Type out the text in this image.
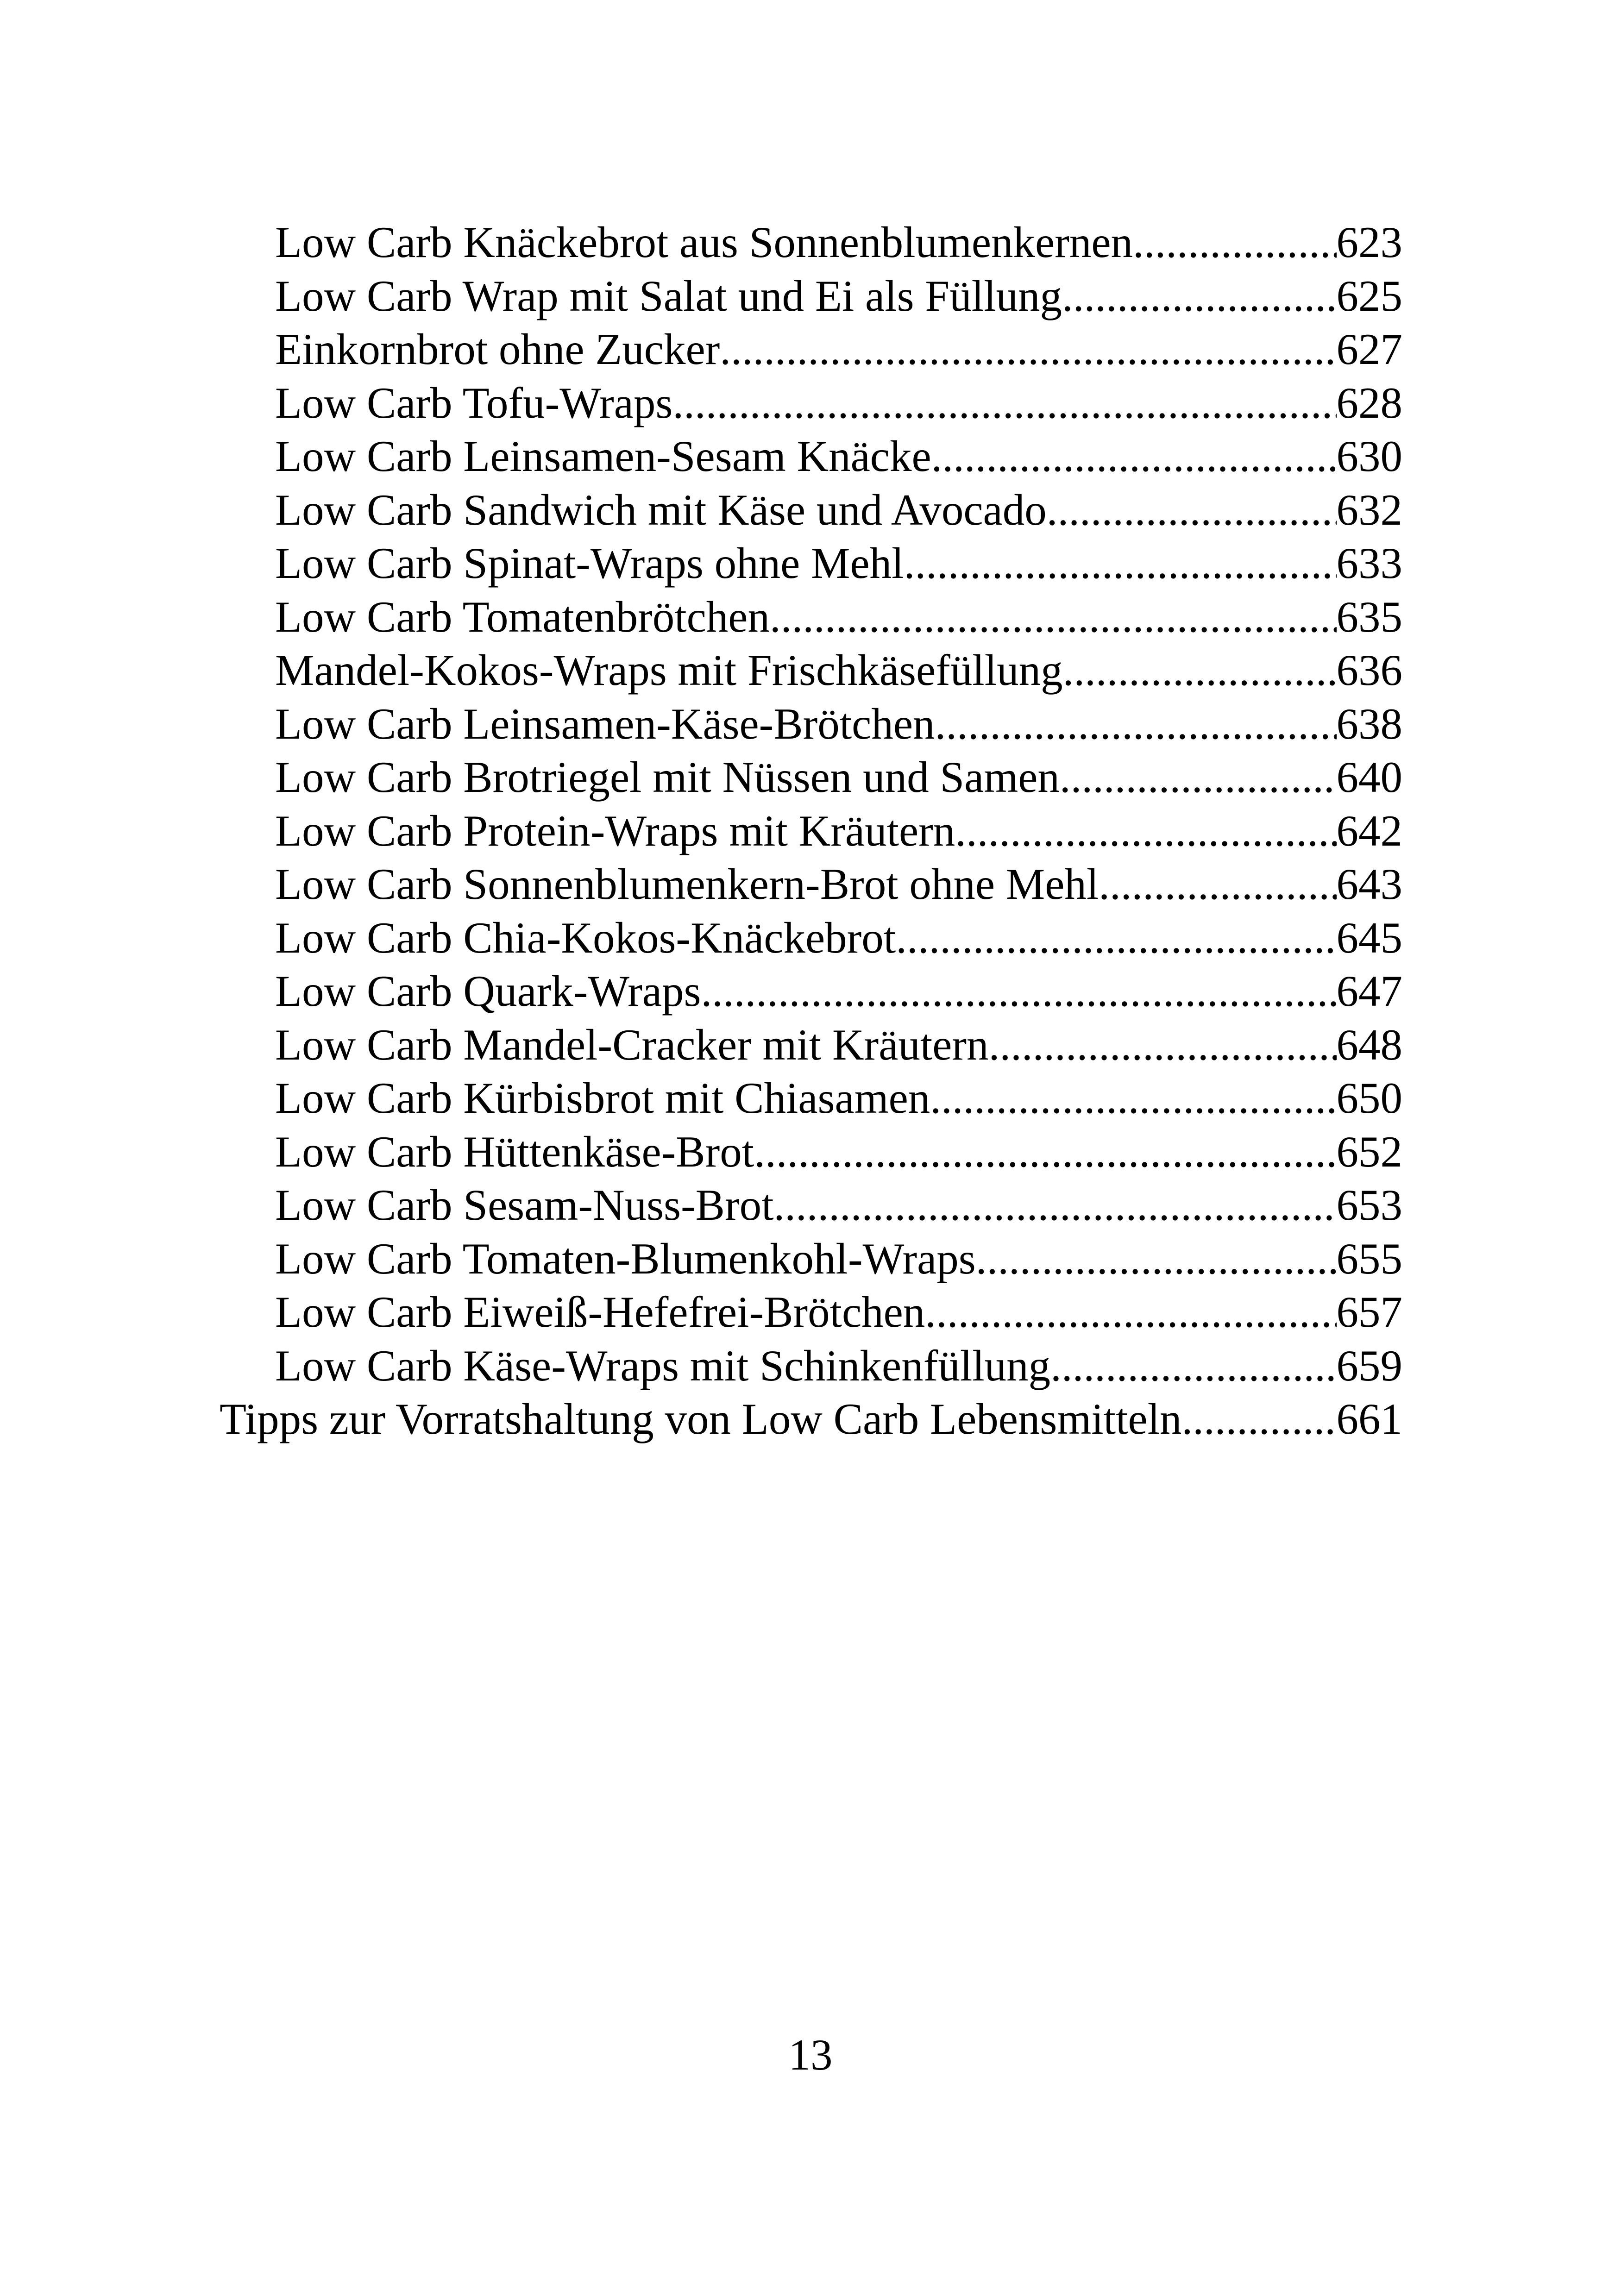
Low Carb Knäckebrot aus Sonnenblumenkernen .....	623
Low Carb Wrap mit Salat und Ei als Füllung .....	625
Einkornbrot ohne Zucker .....	627
Low Carb Tofu-Wraps .....	628
Low Carb Leinsamen-Sesam Knäcke .....	630
Low Carb Sandwich mit Käse und Avocado .....	632
Low Carb Spinat-Wraps ohne Mehl .....	633
Low Carb Tomatenbrötchen .....	635
Mandel-Kokos-Wraps mit Frischkäsefüllung .....	636
Low Carb Leinsamen-Käse-Brötchen .....	638
Low Carb Brotriegel mit Nüssen und Samen .....	640
Low Carb Protein-Wraps mit Kräutern .....	642
Low Carb Sonnenblumenkern-Brot ohne Mehl .....	643
Low Carb Chia-Kokos-Knäckebrot .....	645
Low Carb Quark-Wraps .....	647
Low Carb Mandel-Cracker mit Kräutern .....	648
Low Carb Kürbisbrot mit Chiasamen .....	650
Low Carb Hüttenkäse-Brot .....	652
Low Carb Sesam-Nuss-Brot .....	653
Low Carb Tomaten-Blumenkohl-Wraps .....	655
Low Carb Eiweiß-Hefefrei-Brötchen .....	657
Low Carb Käse-Wraps mit Schinkenfüllung .....	659
Tipps zur Vorratshaltung von Low Carb Lebensmitteln .....	661
13
